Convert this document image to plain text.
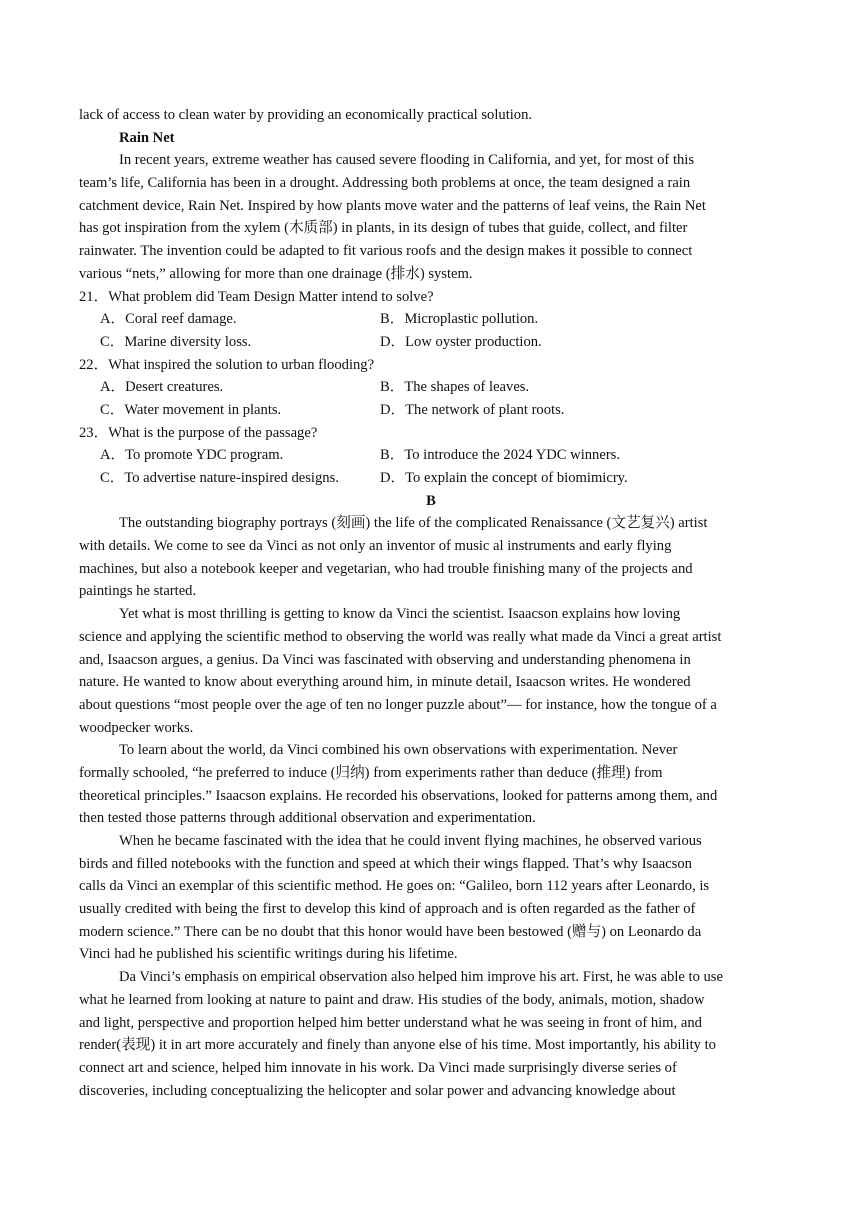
lack of access to clean water by providing an economically practical solution.
Rain Net
In recent years, extreme weather has caused severe flooding in California, and yet, for most of this
team’s life, California has been in a drought. Addressing both problems at once, the team designed a rain
catchment device, Rain Net. Inspired by how plants move water and the patterns of leaf veins, the Rain Net
has got inspiration from the xylem (木质部) in plants, in its design of tubes that guide, collect, and filter
rainwater. The invention could be adapted to fit various roofs and the design makes it possible to connect
various “nets,” allowing for more than one drainage (排水) system.
21．What problem did Team Design Matter intend to solve?
A．Coral reef damage.	B．Microplastic pollution.
C．Marine diversity loss.	D．Low oyster production.
22．What inspired the solution to urban flooding?
A．Desert creatures.	B．The shapes of leaves.
C．Water movement in plants.	D．The network of plant roots.
23．What is the purpose of the passage?
A．To promote YDC program.	B．To introduce the 2024 YDC winners.
C．To advertise nature-inspired designs.	D．To explain the concept of biomimicry.
B
The outstanding biography portrays (刻画) the life of the complicated Renaissance (文艺复兴) artist
with details. We come to see da Vinci as not only an inventor of music al instruments and early flying
machines, but also a notebook keeper and vegetarian, who had trouble finishing many of the projects and
paintings he started.
Yet what is most thrilling is getting to know da Vinci the scientist. Isaacson explains how loving
science and applying the scientific method to observing the world was really what made da Vinci a great artist
and, Isaacson argues, a genius. Da Vinci was fascinated with observing and understanding phenomena in
nature. He wanted to know about everything around him, in minute detail, Isaacson writes. He wondered
about questions “most people over the age of ten no longer puzzle about”— for instance, how the tongue of a
woodpecker works.
To learn about the world, da Vinci combined his own observations with experimentation. Never
formally schooled, “he preferred to induce (归纳) from experiments rather than deduce (推理) from
theoretical principles.” Isaacson explains. He recorded his observations, looked for patterns among them, and
then tested those patterns through additional observation and experimentation.
When he became fascinated with the idea that he could invent flying machines, he observed various
birds and filled notebooks with the function and speed at which their wings flapped. That’s why Isaacson
calls da Vinci an exemplar of this scientific method. He goes on: “Galileo, born 112 years after Leonardo, is
usually credited with being the first to develop this kind of approach and is often regarded as the father of
modern science.” There can be no doubt that this honor would have been bestowed (赠与) on Leonardo da
Vinci had he published his scientific writings during his lifetime.
Da Vinci’s emphasis on empirical observation also helped him improve his art. First, he was able to use
what he learned from looking at nature to paint and draw. His studies of the body, animals, motion, shadow
and light, perspective and proportion helped him better understand what he was seeing in front of him, and
render(表现) it in art more accurately and finely than anyone else of his time. Most importantly, his ability to
connect art and science, helped him innovate in his work. Da Vinci made surprisingly diverse series of
discoveries, including conceptualizing the helicopter and solar power and advancing knowledge about
